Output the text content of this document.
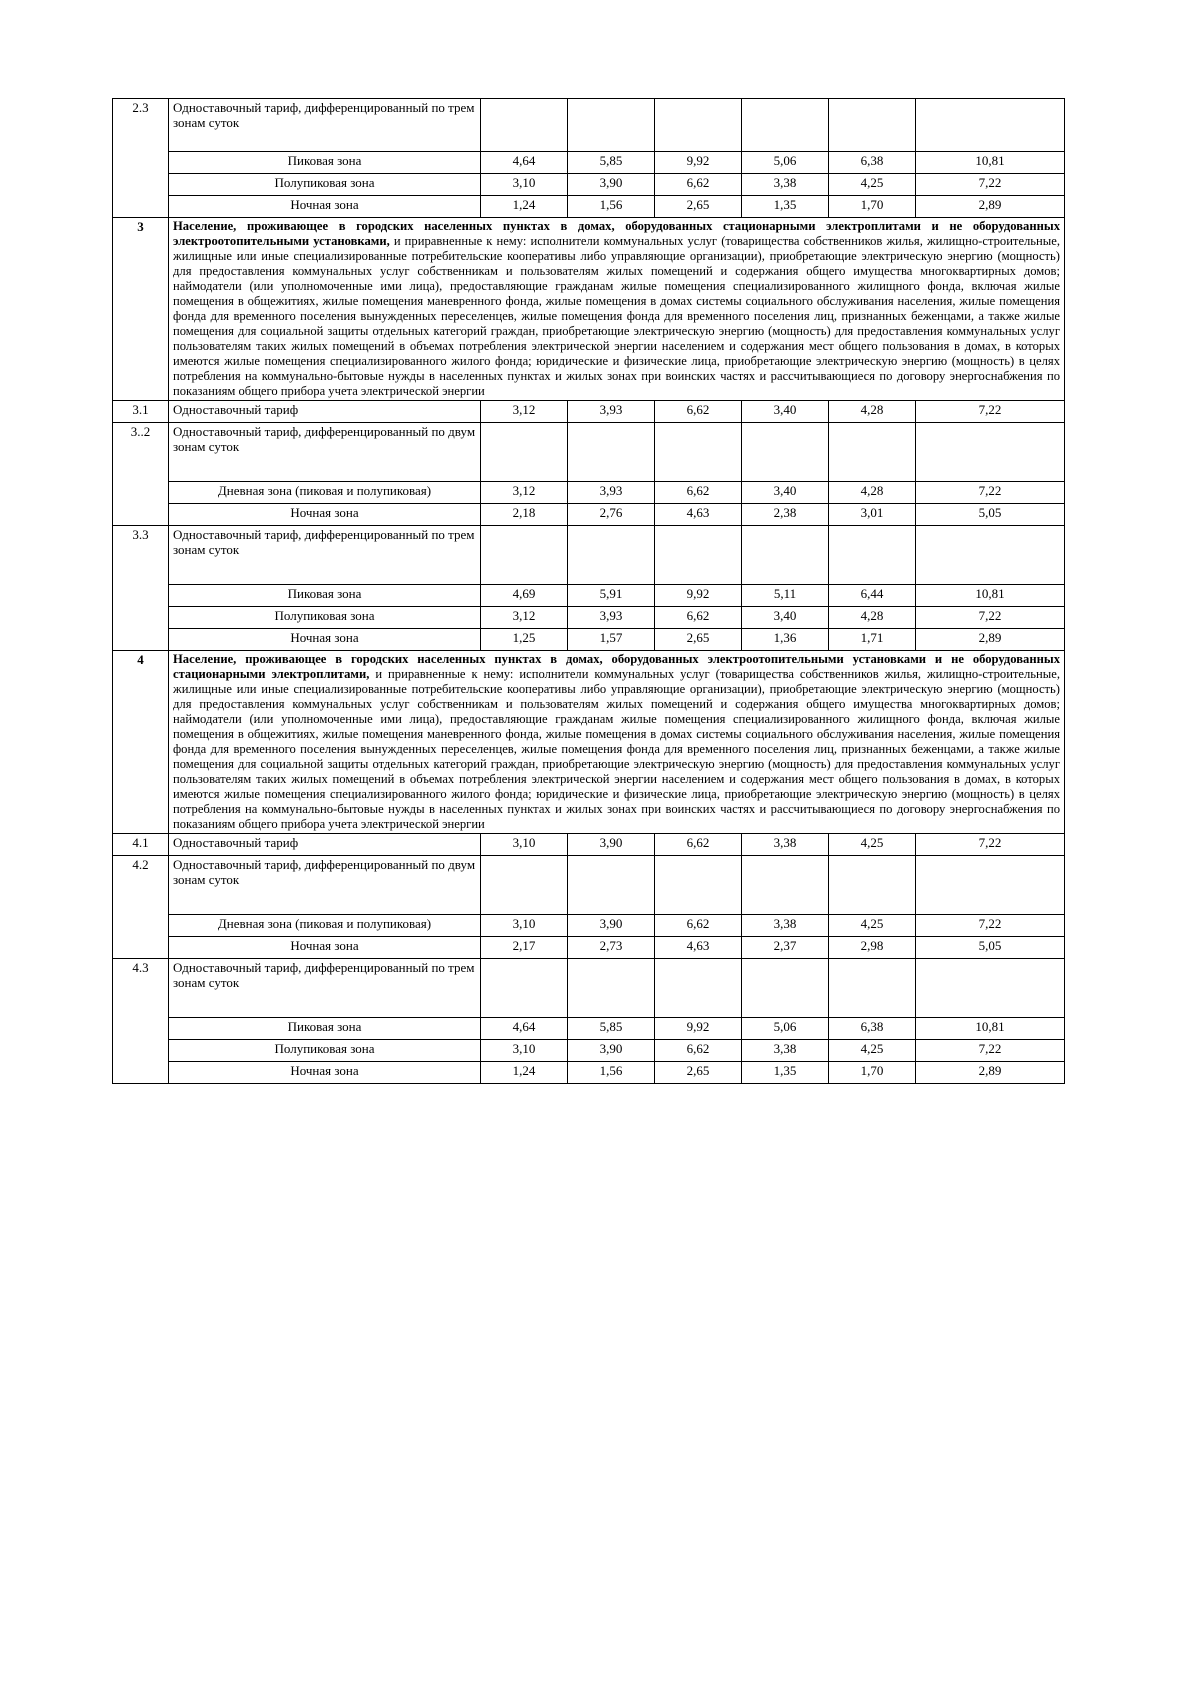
2.3	Одноставочный тариф, дифференцированный по трем зонам суток						
	Пиковая зона	4,64	5,85	9,92	5,06	6,38	10,81
	Полупиковая зона	3,10	3,90	6,62	3,38	4,25	7,22
	Ночная зона	1,24	1,56	2,65	1,35	1,70	2,89
3	Население, проживающее в городских населенных пунктах в домах, оборудованных стационарными электроплитами и не оборудованных электроотопительными установками, и приравненные к нему: исполнители коммунальных услуг (товарищества собственников жилья, жилищно-строительные, жилищные или иные специализированные потребительские кооперативы либо управляющие организации), приобретающие электрическую энергию (мощность) для предоставления коммунальных услуг собственникам и пользователям жилых помещений и содержания общего имущества многоквартирных домов; наймодатели (или уполномоченные ими лица), предоставляющие гражданам жилые помещения специализированного жилищного фонда, включая жилые помещения в общежитиях, жилые помещения маневренного фонда, жилые помещения в домах системы социального обслуживания населения, жилые помещения фонда для временного поселения вынужденных переселенцев, жилые помещения фонда для временного поселения лиц, признанных беженцами, а также жилые помещения для социальной защиты отдельных категорий граждан, приобретающие электрическую энергию (мощность) для предоставления коммунальных услуг пользователям таких жилых помещений в объемах потребления электрической энергии населением и содержания мест общего пользования в домах, в которых имеются жилые помещения специализированного жилого фонда; юридические и физические лица, приобретающие электрическую энергию (мощность) в целях потребления на коммунально-бытовые нужды в населенных пунктах и жилых зонах при воинских частях и рассчитывающиеся по договору энергоснабжения по показаниям общего прибора учета электрической энергии						
3.1	Одноставочный тариф	3,12	3,93	6,62	3,40	4,28	7,22
3..2	Одноставочный тариф, дифференцированный по двум зонам суток						
	Дневная зона (пиковая и полупиковая)	3,12	3,93	6,62	3,40	4,28	7,22
	Ночная зона	2,18	2,76	4,63	2,38	3,01	5,05
3.3	Одноставочный тариф, дифференцированный по трем зонам суток						
	Пиковая зона	4,69	5,91	9,92	5,11	6,44	10,81
	Полупиковая зона	3,12	3,93	6,62	3,40	4,28	7,22
	Ночная зона	1,25	1,57	2,65	1,36	1,71	2,89
4	Население, проживающее в городских населенных пунктах в домах, оборудованных электроотопительными установками и не оборудованных стационарными электроплитами, и приравненные к нему: исполнители коммунальных услуг (товарищества собственников жилья, жилищно-строительные, жилищные или иные специализированные потребительские кооперативы либо управляющие организации), приобретающие электрическую энергию (мощность) для предоставления коммунальных услуг собственникам и пользователям жилых помещений и содержания общего имущества многоквартирных домов; наймодатели (или уполномоченные ими лица), предоставляющие гражданам жилые помещения специализированного жилищного фонда, включая жилые помещения в общежитиях, жилые помещения маневренного фонда, жилые помещения в домах системы социального обслуживания населения, жилые помещения фонда для временного поселения вынужденных переселенцев, жилые помещения фонда для временного поселения лиц, признанных беженцами, а также жилые помещения для социальной защиты отдельных категорий граждан, приобретающие электрическую энергию (мощность) для предоставления коммунальных услуг пользователям таких жилых помещений в объемах потребления электрической энергии населением и содержания мест общего пользования в домах, в которых имеются жилые помещения специализированного жилого фонда; юридические и физические лица, приобретающие электрическую энергию (мощность) в целях потребления на коммунально-бытовые нужды в населенных пунктах и жилых зонах при воинских частях и рассчитывающиеся по договору энергоснабжения по показаниям общего прибора учета электрической энергии						
4.1	Одноставочный тариф	3,10	3,90	6,62	3,38	4,25	7,22
4.2	Одноставочный тариф, дифференцированный по двум зонам суток						
	Дневная зона (пиковая и полупиковая)	3,10	3,90	6,62	3,38	4,25	7,22
	Ночная зона	2,17	2,73	4,63	2,37	2,98	5,05
4.3	Одноставочный тариф, дифференцированный по трем зонам суток						
	Пиковая зона	4,64	5,85	9,92	5,06	6,38	10,81
	Полупиковая зона	3,10	3,90	6,62	3,38	4,25	7,22
	Ночная зона	1,24	1,56	2,65	1,35	1,70	2,89
